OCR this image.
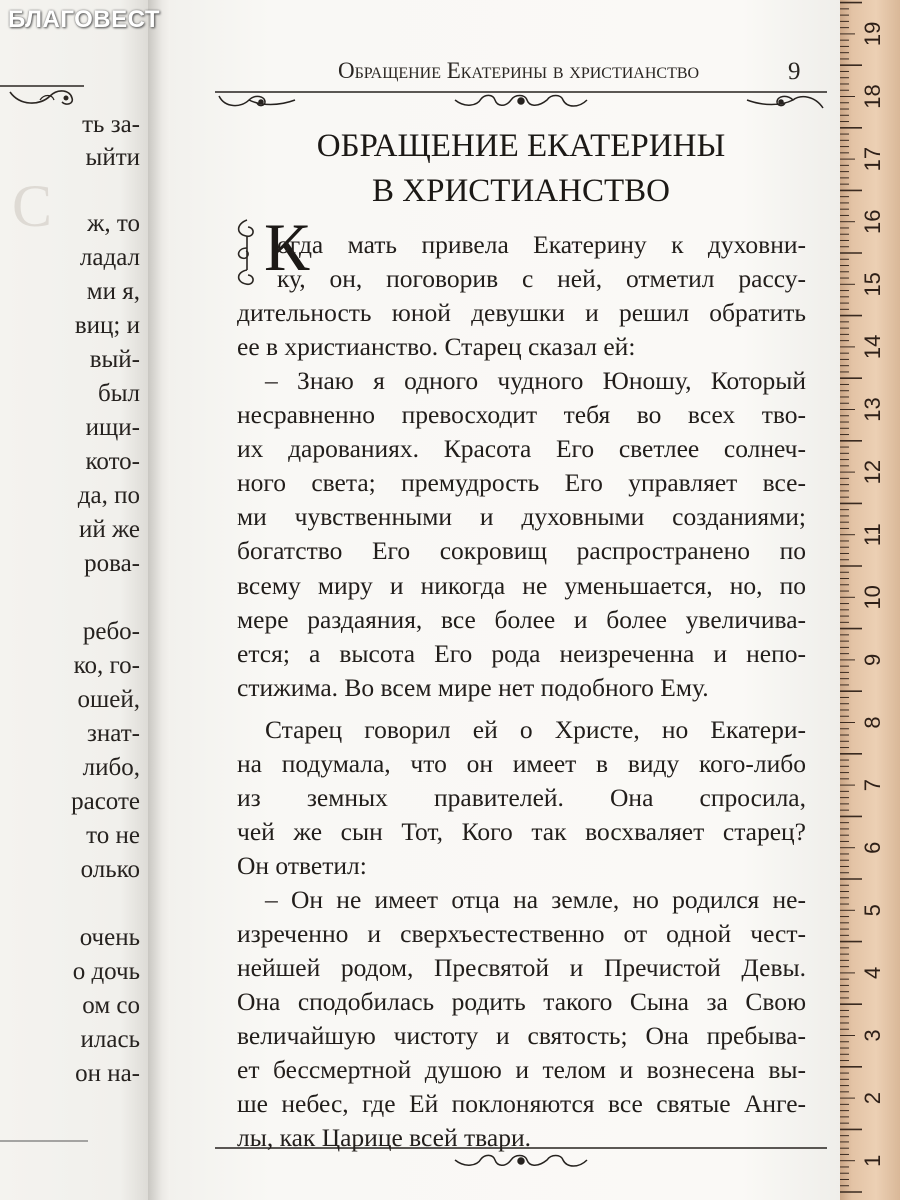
ть за-
ыйти
ж, то
ладал
ми я,
виц; и
вый-
был
ищи-
кото-
да, по
ий же
рова-
ребо-
ко, го-
ошей,
знат-
либо,
расоте
то не
олько
очень
о дочь
ом со
илась
он на-
С
БЛАГОВЕСТ
Обращение Екатерины в христианство	9
ОБРАЩЕНИЕ ЕКАТЕРИНЫ
В ХРИСТИАНСТВО
К
огда мать привела Екатерину к духовни-
ку, он, поговорив с ней, отметил рассу-
дительность юной девушки и решил обратить
ее в христианство. Старец сказал ей:
– Знаю я одного чудного Юношу, Который
несравненно превосходит тебя во всех тво-
их дарованиях. Красота Его светлее солнеч-
ного света; премудрость Его управляет все-
ми чувственными и духовными созданиями;
богатство Его сокровищ распространено по
всему миру и никогда не уменьшается, но, по
мере раздаяния, все более и более увеличива-
ется; а высота Его рода неизреченна и непо-
стижима. Во всем мире нет подобного Ему.
Старец говорил ей о Христе, но Екатери-
на подумала, что он имеет в виду кого-либо
из земных правителей. Она спросила,
чей же сын Тот, Кого так восхваляет старец?
Он ответил:
– Он не имеет отца на земле, но родился не-
изреченно и сверхъестественно от одной чест-
нейшей родом, Пресвятой и Пречистой Девы.
Она сподобилась родить такого Сына за Свою
величайшую чистоту и святость; Она пребыва-
ет бессмертной душою и телом и вознесена вы-
ше небес, где Ей поклоняются все святые Анге-
лы, как Царице всей твари.
1
2
3
4
5
6
7
8
9
10
11
12
13
14
15
16
17
18
19
